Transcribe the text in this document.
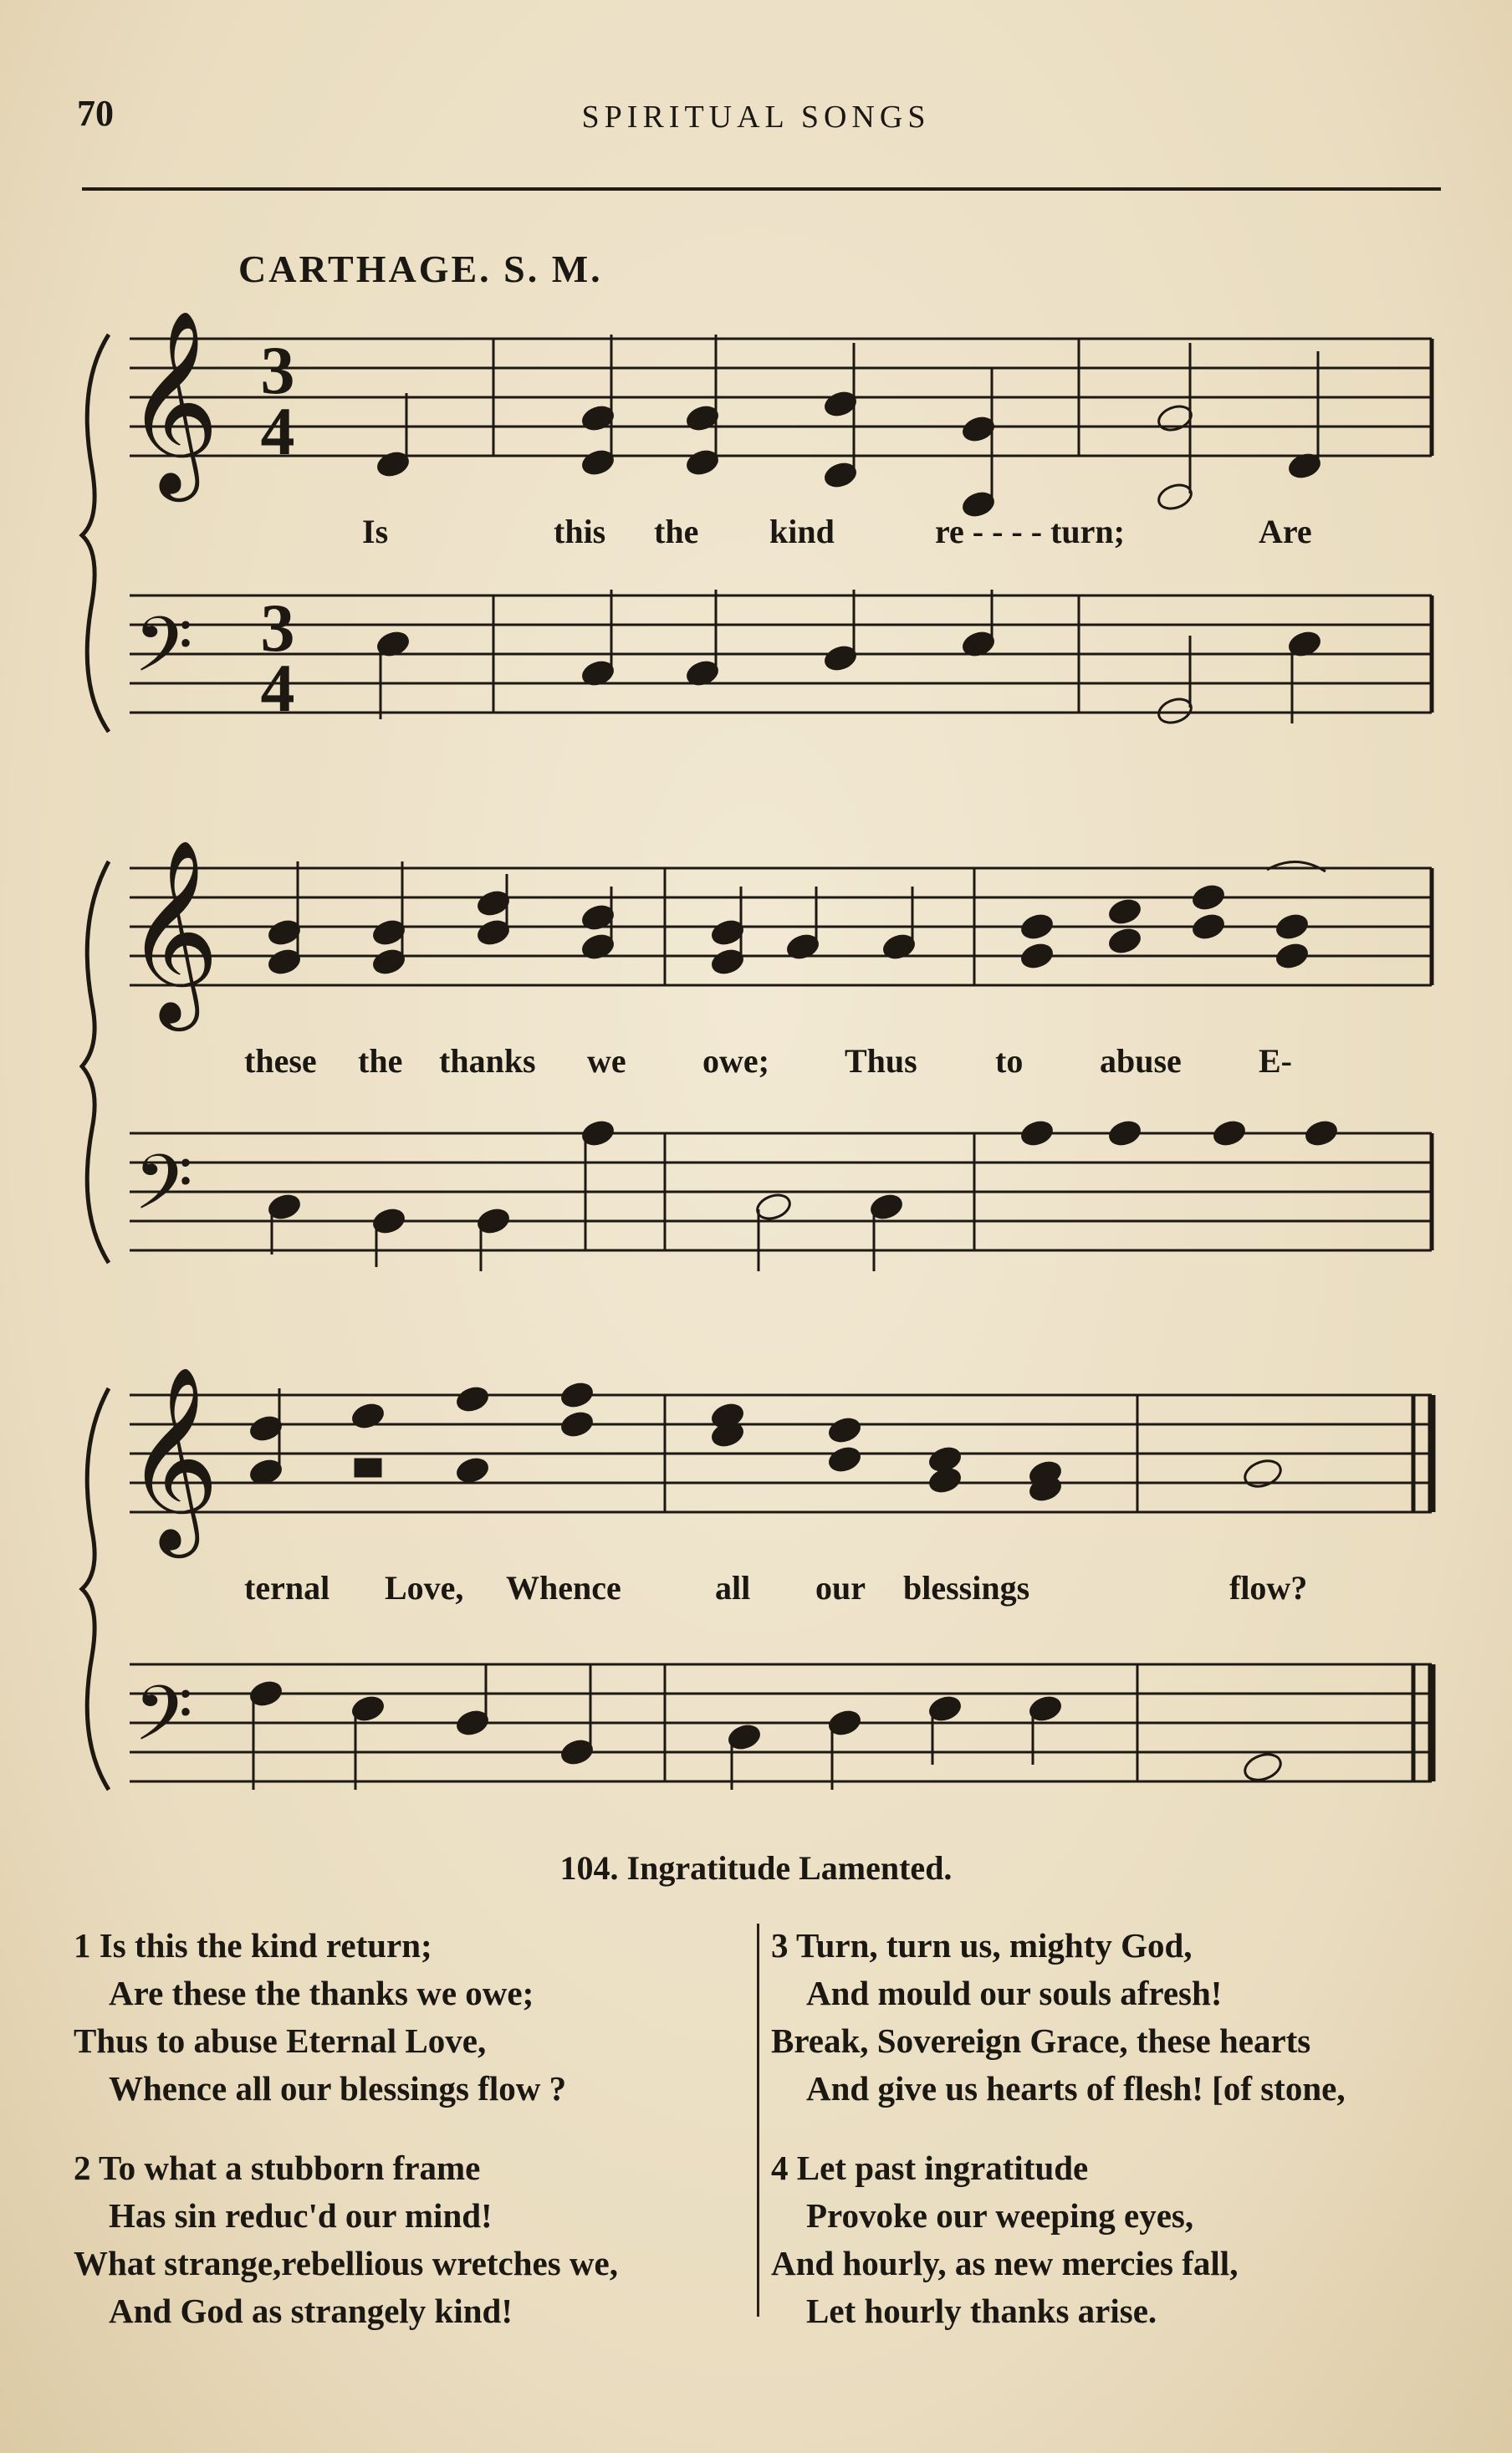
70	SPIRITUAL SONGS
CARTHAGE. S. M.
𝄞
𝄢
𝄞
𝄢
𝄞
𝄢
3
4
3
4
Is	this the kind	re - - - - turn;	Are
these the thanks we owe; Thus to abuse E-
ternal Love, Whence	all our blessings	flow?
104. Ingratitude Lamented.
1 Is this the kind return;
Are these the thanks we owe;
Thus to abuse Eternal Love,
Whence all our blessings flow ?
2 To what a stubborn frame
Has sin reduc'd our mind!
What strange,rebellious wretches we,
And God as strangely kind!
3 Turn, turn us, mighty God,
And mould our souls afresh!
Break, Sovereign Grace, these hearts
And give us hearts of flesh! [of stone,
4 Let past ingratitude
Provoke our weeping eyes,
And hourly, as new mercies fall,
Let hourly thanks arise.
